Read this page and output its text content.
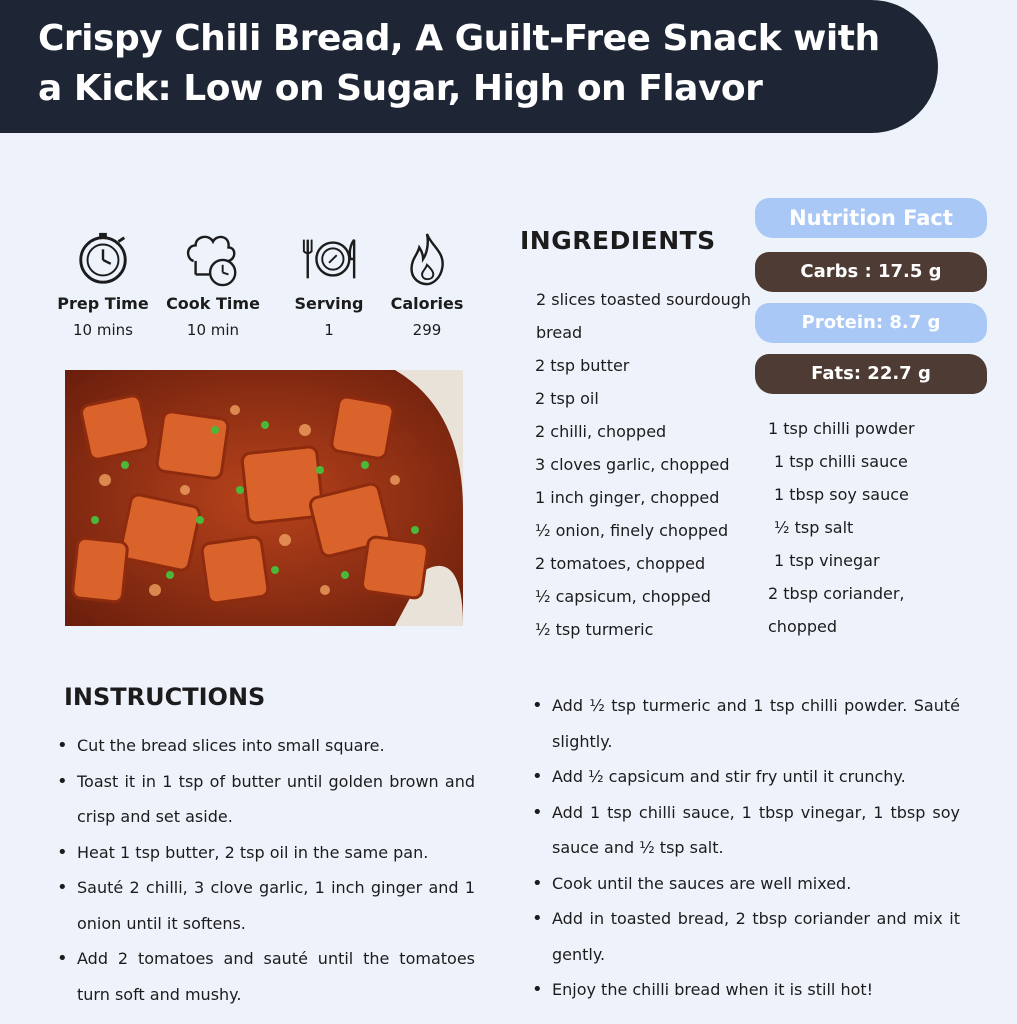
Crispy Chili Bread, A Guilt-Free Snack with a Kick: Low on Sugar, High on Flavor
Prep Time
10 mins
Cook Time
10 min
Serving
1
Calories
299
INGREDIENTS
2 slices toasted sourdough bread
2 tsp butter
2 tsp oil
2 chilli, chopped
3 cloves garlic, chopped
1 inch ginger, chopped
½ onion, finely chopped
2 tomatoes, chopped
½ capsicum, chopped
½ tsp turmeric
1 tsp chilli powder
1 tsp chilli sauce
1 tbsp soy sauce
½ tsp salt
1 tsp vinegar
2 tbsp coriander, chopped
Nutrition Fact
Carbs : 17.5 g
Protein: 8.7 g
Fats: 22.7 g
INSTRUCTIONS
• Cut the bread slices into small square.
• Toast it in 1 tsp of butter until golden brown and crisp and set aside.
• Heat 1 tsp butter, 2 tsp oil in the same pan.
• Sauté 2 chilli, 3 clove garlic, 1 inch ginger and 1 onion until it softens.
• Add 2 tomatoes and sauté until the tomatoes turn soft and mushy.
• Add ½ tsp turmeric and 1 tsp chilli powder. Sauté slightly.
• Add ½ capsicum and stir fry until it crunchy.
• Add 1 tsp chilli sauce, 1 tbsp vinegar, 1 tbsp soy sauce and ½ tsp salt.
• Cook until the sauces are well mixed.
• Add in toasted bread, 2 tbsp coriander and mix it gently.
• Enjoy the chilli bread when it is still hot!
